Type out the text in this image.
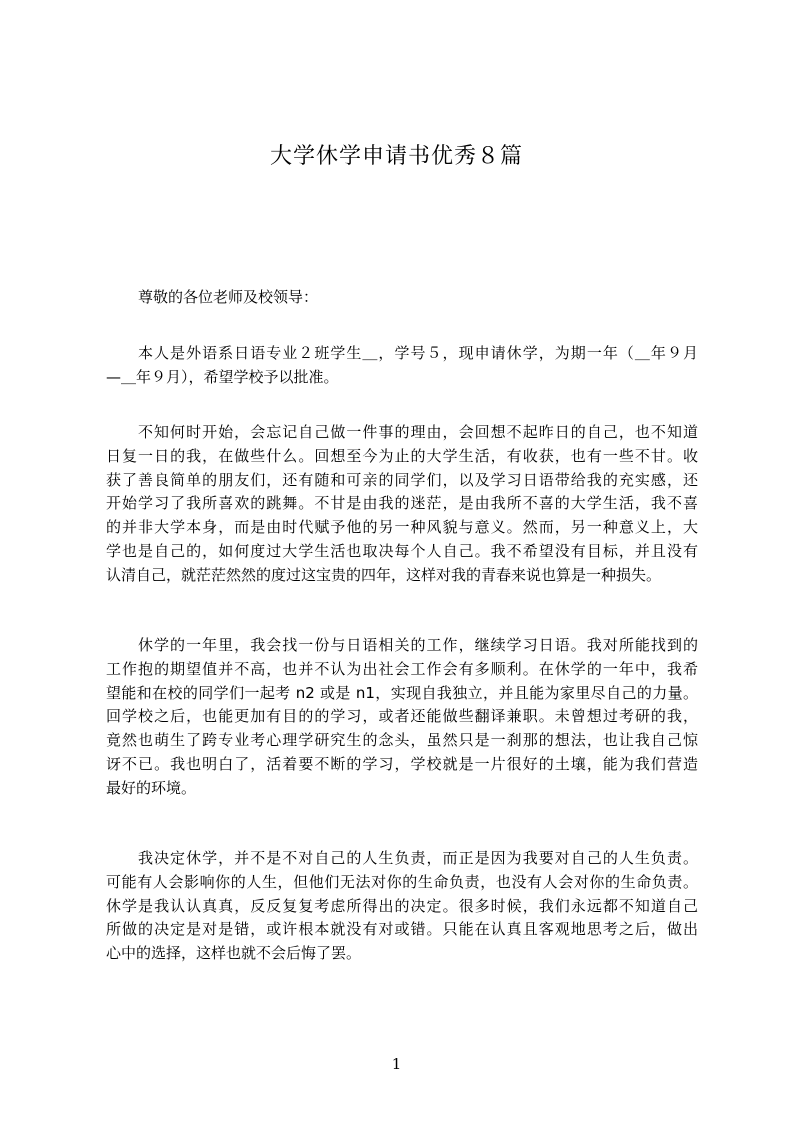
大学休学申请书优秀８篇
尊敬的各位老师及校领导：
本人是外语系日语专业２班学生＿，学号５，现申请休学，为期一年（＿年９月
—＿年９月），希望学校予以批准。
不知何时开始，会忘记自己做一件事的理由，会回想不起昨日的自己，也不知道
日复一日的我，在做些什么。回想至今为止的大学生活，有收获，也有一些不甘。收
获了善良简单的朋友们，还有随和可亲的同学们，以及学习日语带给我的充实感，还
开始学习了我所喜欢的跳舞。不甘是由我的迷茫，是由我所不喜的大学生活，我不喜
的并非大学本身，而是由时代赋予他的另一种风貌与意义。然而，另一种意义上，大
学也是自己的，如何度过大学生活也取决每个人自己。我不希望没有目标，并且没有
认清自己，就茫茫然然的度过这宝贵的四年，这样对我的青春来说也算是一种损失。
休学的一年里，我会找一份与日语相关的工作，继续学习日语。我对所能找到的
工作抱的期望值并不高，也并不认为出社会工作会有多顺利。在休学的一年中，我希
望能和在校的同学们一起考 n2 或是 n1，实现自我独立，并且能为家里尽自己的力量。
回学校之后，也能更加有目的的学习，或者还能做些翻译兼职。未曾想过考研的我，
竟然也萌生了跨专业考心理学研究生的念头，虽然只是一刹那的想法，也让我自己惊
讶不已。我也明白了，活着要不断的学习，学校就是一片很好的土壤，能为我们营造
最好的环境。
我决定休学，并不是不对自己的人生负责，而正是因为我要对自己的人生负责。
可能有人会影响你的人生，但他们无法对你的生命负责，也没有人会对你的生命负责。
休学是我认认真真，反反复复考虑所得出的决定。很多时候，我们永远都不知道自己
所做的决定是对是错，或许根本就没有对或错。只能在认真且客观地思考之后，做出
心中的选择，这样也就不会后悔了罢。
1
